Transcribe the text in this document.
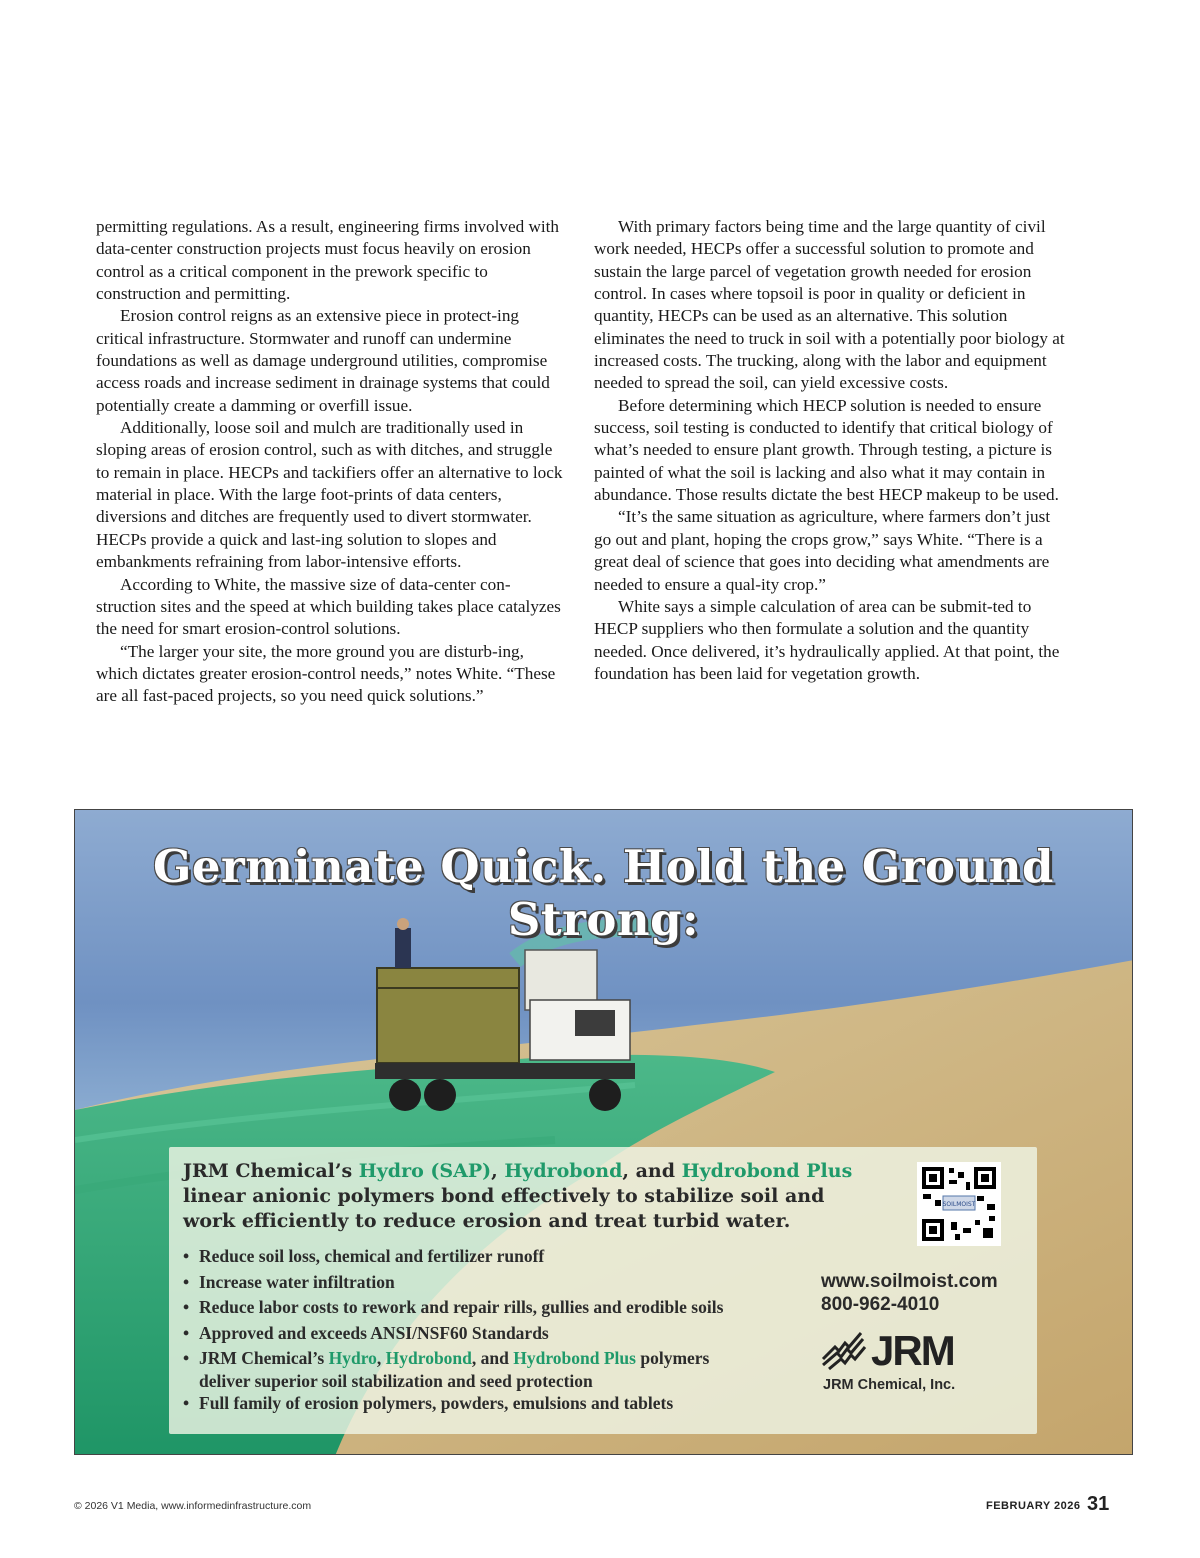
permitting regulations. As a result, engineering firms involved with data-center construction projects must focus heavily on erosion control as a critical component in the prework specific to construction and permitting.

Erosion control reigns as an extensive piece in protect-ing critical infrastructure. Stormwater and runoff can undermine foundations as well as damage underground utilities, compromise access roads and increase sediment in drainage systems that could potentially create a damming or overfill issue.

Additionally, loose soil and mulch are traditionally used in sloping areas of erosion control, such as with ditches, and struggle to remain in place. HECPs and tackifiers offer an alternative to lock material in place. With the large foot-prints of data centers, diversions and ditches are frequently used to divert stormwater. HECPs provide a quick and last-ing solution to slopes and embankments refraining from labor-intensive efforts.

According to White, the massive size of data-center con-struction sites and the speed at which building takes place catalyzes the need for smart erosion-control solutions.

“The larger your site, the more ground you are disturb-ing, which dictates greater erosion-control needs,” notes White. “These are all fast-paced projects, so you need quick solutions.”

With primary factors being time and the large quantity of civil work needed, HECPs offer a successful solution to promote and sustain the large parcel of vegetation growth needed for erosion control. In cases where topsoil is poor in quality or deficient in quantity, HECPs can be used as an alternative. This solution eliminates the need to truck in soil with a potentially poor biology at increased costs. The trucking, along with the labor and equipment needed to spread the soil, can yield excessive costs.

Before determining which HECP solution is needed to ensure success, soil testing is conducted to identify that critical biology of what’s needed to ensure plant growth. Through testing, a picture is painted of what the soil is lacking and also what it may contain in abundance. Those results dictate the best HECP makeup to be used.

“It’s the same situation as agriculture, where farmers don’t just go out and plant, hoping the crops grow,” says White. “There is a great deal of science that goes into deciding what amendments are needed to ensure a qual-ity crop.”

White says a simple calculation of area can be submit-ted to HECP suppliers who then formulate a solution and the quantity needed. Once delivered, it’s hydraulically applied. At that point, the foundation has been laid for vegetation growth.

Germinate Quick. Hold the Ground Strong:
JRM Chemical’s Hydro (SAP), Hydrobond, and Hydrobond Plus
linear anionic polymers bond effectively to stabilize soil and work efficiently to reduce erosion and treat turbid water.
• Reduce soil loss, chemical and fertilizer runoff
• Increase water infiltration
• Reduce labor costs to rework and repair rills, gullies and erodible soils
• Approved and exceeds ANSI/NSF60 Standards
• JRM Chemical’s Hydro, Hydrobond, and Hydrobond Plus polymers
deliver superior soil stabilization and seed protection
• Full family of erosion polymers, powders, emulsions and tablets
SOILMOIST
www.soilmoist.com
800-962-4010
JRM
JRM Chemical, Inc.
© 2026 V1 Media, www.informedinfrastructure.com	FEBRUARY 2026 31
